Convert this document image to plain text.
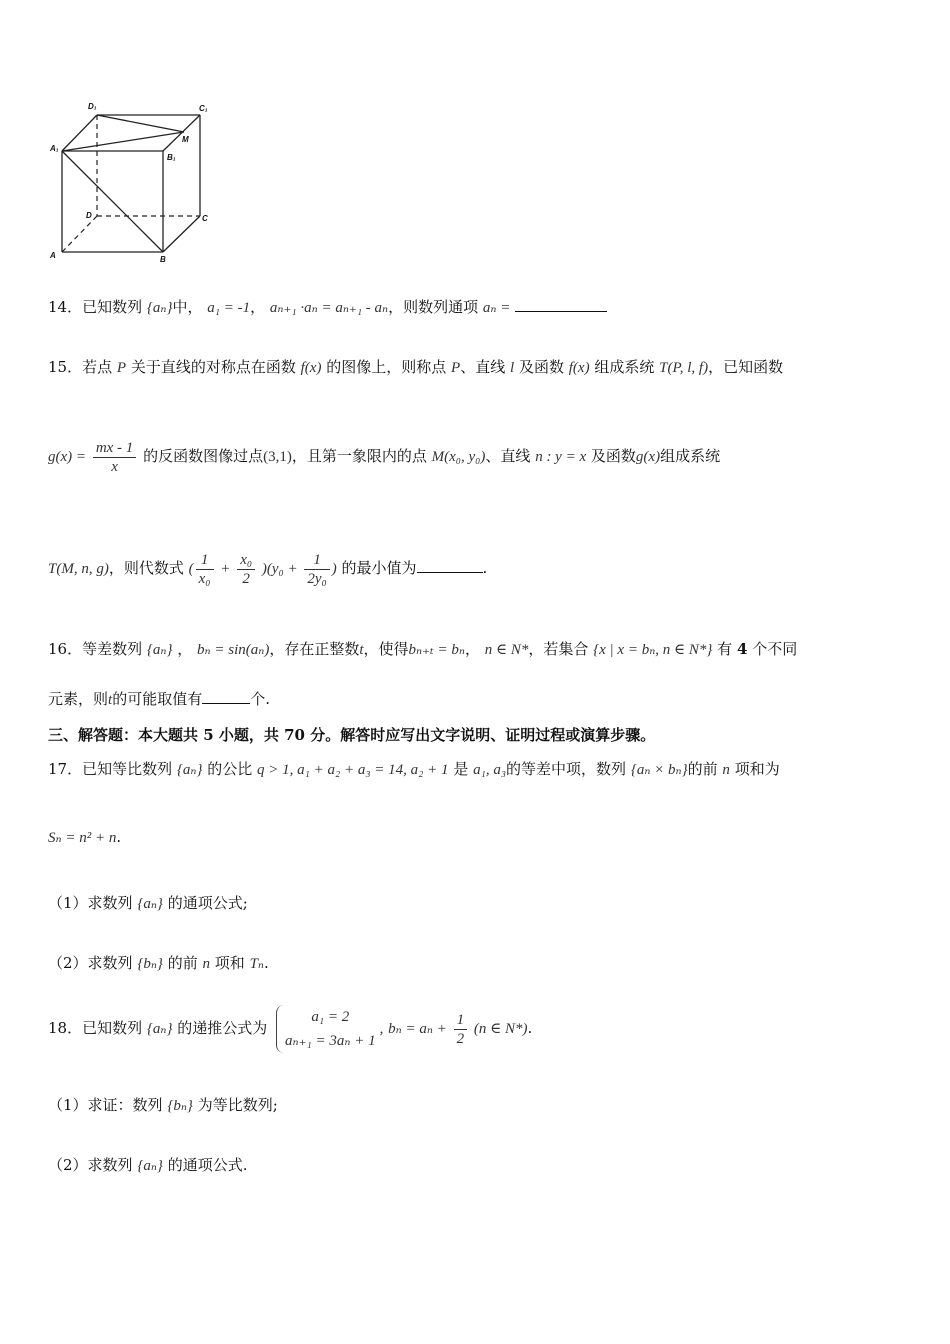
D₁	C₁
M
A₁
B₁
D	C
A	B
14．已知数列 {aₙ}中， a₁ = -1， aₙ₊₁ ·aₙ = aₙ₊₁ - aₙ，则数列通项 aₙ =
15．若点 P 关于直线的对称点在函数 f(x) 的图像上，则称点 P、直线 l 及函数 f(x) 组成系统 T(P, l, f)，已知函数
$g(x) = \frac{mx - 1}{x}$ 的反函数图像过点(3,1)，且第一象限内的点 M(x₀, y₀)、直线 n : y = x 及函数g(x)组成系统
T(M, n, g)，则代数式 ( $\frac{1}{\text{x₀}} + \frac{\text{x₀}}{2} )(y_0 + \frac{1}{\text{2y₀}}$ ) 的最小值为	.
16．等差数列 {aₙ} ， bₙ = sin(aₙ)，存在正整数t，使得bₙ₊ₜ = bₙ， n ∈ N*，若集合 {x | x = bₙ, n ∈ N*} 有 4 个不同
元素，则t的可能取值有	个.
三、解答题：本大题共 5 小题，共 70 分。解答时应写出文字说明、证明过程或演算步骤。
17．已知等比数列 {aₙ} 的公比 q > 1, a₁ + a₂ + a₃ = 14, a₂ + 1 是 a₁, a₃的等差中项，数列 {aₙ × bₙ}的前 n 项和为
Sₙ = n² + n.
（1）求数列 {aₙ} 的通项公式;
（2）求数列 {bₙ} 的前 n 项和 Tₙ.
18．已知数列 {aₙ} 的递推公式为
a₁ = 2
aₙ₊₁ = 3aₙ + 1
, $b_n = a_n + \frac{1}{2} (n$ ∈ N*).
（1）求证：数列 {bₙ} 为等比数列;
（2）求数列 {aₙ} 的通项公式.
